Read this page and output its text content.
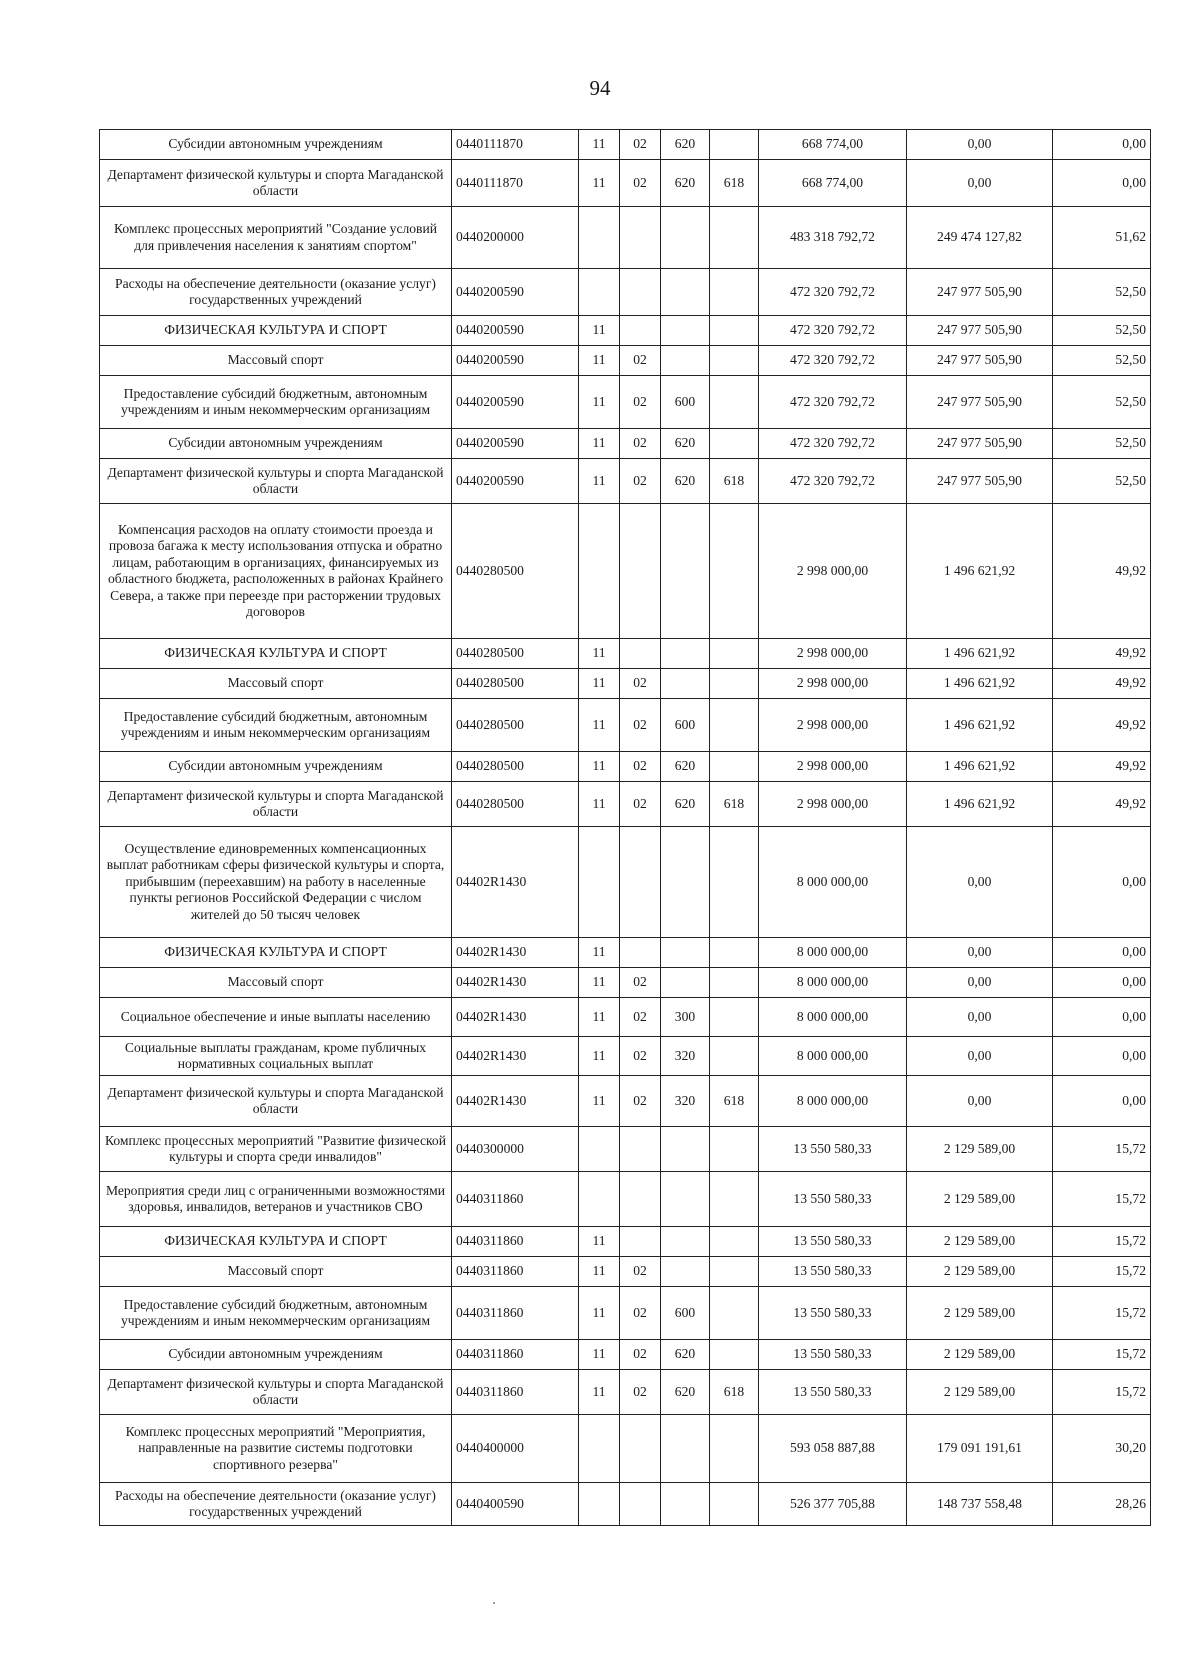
94
Субсидии автономным учреждениям	0440111870	11	02	620		668 774,00	0,00	0,00
Департамент физической культуры и спорта Магаданской области	0440111870	11	02	620	618	668 774,00	0,00	0,00
Комплекс процессных мероприятий "Создание условий для привлечения населения к занятиям спортом"	0440200000					483 318 792,72	249 474 127,82	51,62
Расходы на обеспечение деятельности (оказание услуг) государственных учреждений	0440200590					472 320 792,72	247 977 505,90	52,50
ФИЗИЧЕСКАЯ КУЛЬТУРА И СПОРТ	0440200590	11				472 320 792,72	247 977 505,90	52,50
Массовый спорт	0440200590	11	02			472 320 792,72	247 977 505,90	52,50
Предоставление субсидий бюджетным, автономным учреждениям и иным некоммерческим организациям	0440200590	11	02	600		472 320 792,72	247 977 505,90	52,50
Субсидии автономным учреждениям	0440200590	11	02	620		472 320 792,72	247 977 505,90	52,50
Департамент физической культуры и спорта Магаданской области	0440200590	11	02	620	618	472 320 792,72	247 977 505,90	52,50
Компенсация расходов на оплату стоимости проезда и провоза багажа к месту использования отпуска и обратно лицам, работающим в организациях, финансируемых из областного бюджета, расположенных в районах Крайнего Севера, а также при переезде при расторжении трудовых договоров	0440280500					2 998 000,00	1 496 621,92	49,92
ФИЗИЧЕСКАЯ КУЛЬТУРА И СПОРТ	0440280500	11				2 998 000,00	1 496 621,92	49,92
Массовый спорт	0440280500	11	02			2 998 000,00	1 496 621,92	49,92
Предоставление субсидий бюджетным, автономным учреждениям и иным некоммерческим организациям	0440280500	11	02	600		2 998 000,00	1 496 621,92	49,92
Субсидии автономным учреждениям	0440280500	11	02	620		2 998 000,00	1 496 621,92	49,92
Департамент физической культуры и спорта Магаданской области	0440280500	11	02	620	618	2 998 000,00	1 496 621,92	49,92
Осуществление единовременных компенсационных выплат работникам сферы физической культуры и спорта, прибывшим (переехавшим) на работу в населенные пункты регионов Российской Федерации с числом жителей до 50 тысяч человек	04402R1430					8 000 000,00	0,00	0,00
ФИЗИЧЕСКАЯ КУЛЬТУРА И СПОРТ	04402R1430	11				8 000 000,00	0,00	0,00
Массовый спорт	04402R1430	11	02			8 000 000,00	0,00	0,00
Социальное обеспечение и иные выплаты населению	04402R1430	11	02	300		8 000 000,00	0,00	0,00
Социальные выплаты гражданам, кроме публичных нормативных социальных выплат	04402R1430	11	02	320		8 000 000,00	0,00	0,00
Департамент физической культуры и спорта Магаданской области	04402R1430	11	02	320	618	8 000 000,00	0,00	0,00
Комплекс процессных мероприятий "Развитие физической культуры и спорта среди инвалидов"	0440300000					13 550 580,33	2 129 589,00	15,72
Мероприятия среди лиц с ограниченными возможностями здоровья, инвалидов, ветеранов и участников СВО	0440311860					13 550 580,33	2 129 589,00	15,72
ФИЗИЧЕСКАЯ КУЛЬТУРА И СПОРТ	0440311860	11				13 550 580,33	2 129 589,00	15,72
Массовый спорт	0440311860	11	02			13 550 580,33	2 129 589,00	15,72
Предоставление субсидий бюджетным, автономным учреждениям и иным некоммерческим организациям	0440311860	11	02	600		13 550 580,33	2 129 589,00	15,72
Субсидии автономным учреждениям	0440311860	11	02	620		13 550 580,33	2 129 589,00	15,72
Департамент физической культуры и спорта Магаданской области	0440311860	11	02	620	618	13 550 580,33	2 129 589,00	15,72
Комплекс процессных мероприятий "Мероприятия, направленные на развитие системы подготовки спортивного резерва"	0440400000					593 058 887,88	179 091 191,61	30,20
Расходы на обеспечение деятельности (оказание услуг) государственных учреждений	0440400590					526 377 705,88	148 737 558,48	28,26
